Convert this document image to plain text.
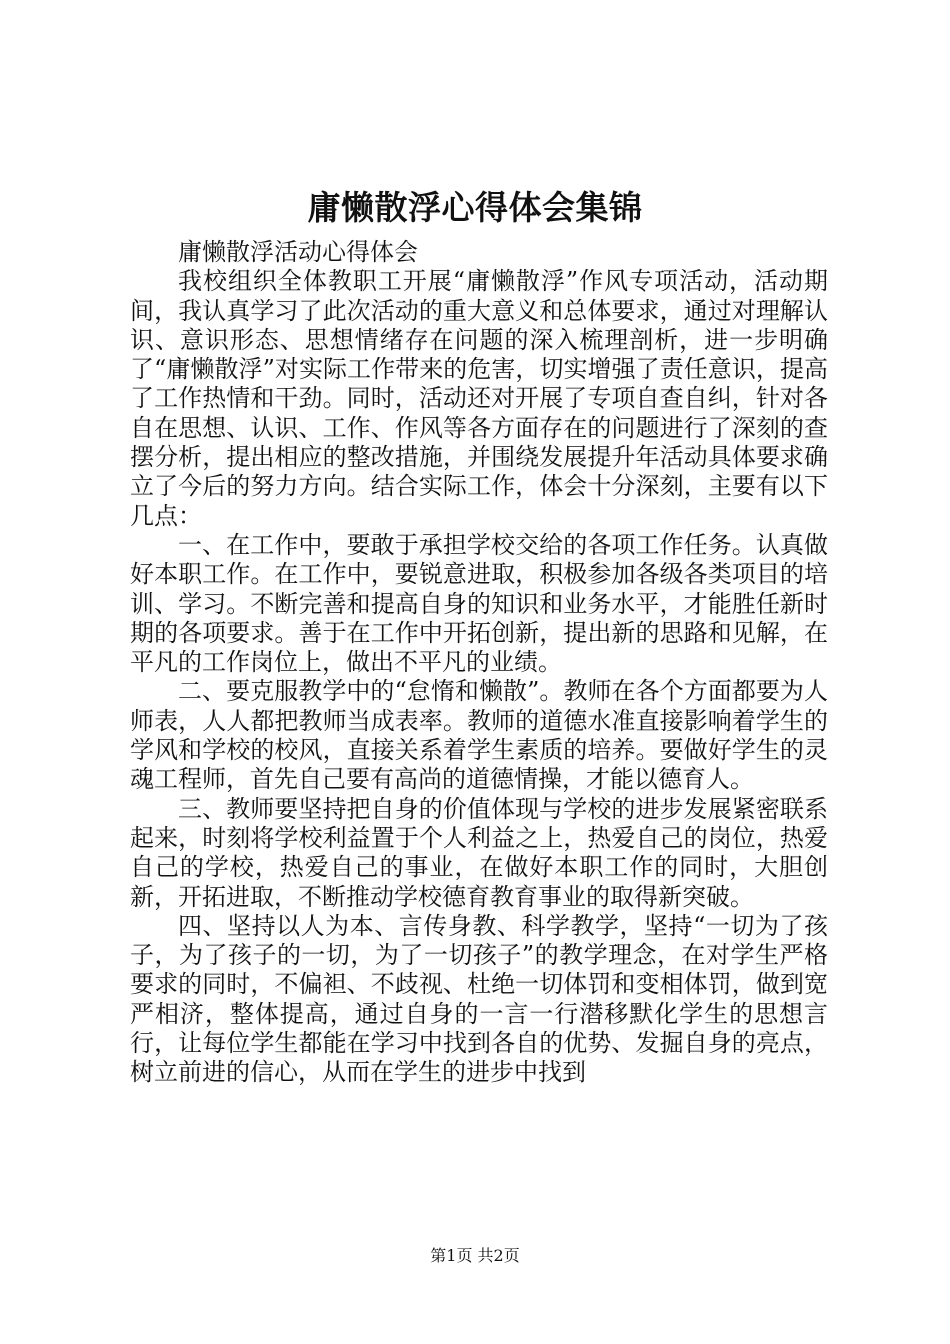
庸懒散浮心得体会集锦

庸懒散浮活动心得体会

我校组织全体教职工开展“庸懒散浮”作风专项活动，活动期间，我认真学习了此次活动的重大意义和总体要求，通过对理解认识、意识形态、思想情绪存在问题的深入梳理剖析，进一步明确了“庸懒散浮”对实际工作带来的危害，切实增强了责任意识，提高了工作热情和干劲。同时，活动还对开展了专项自查自纠，针对各自在思想、认识、工作、作风等各方面存在的问题进行了深刻的查摆分析，提出相应的整改措施，并围绕发展提升年活动具体要求确立了今后的努力方向。结合实际工作，体会十分深刻，主要有以下几点：

一、在工作中，要敢于承担学校交给的各项工作任务。认真做好本职工作。在工作中，要锐意进取，积极参加各级各类项目的培训、学习。不断完善和提高自身的知识和业务水平，才能胜任新时期的各项要求。善于在工作中开拓创新，提出新的思路和见解，在平凡的工作岗位上，做出不平凡的业绩。

二、要克服教学中的“怠惰和懒散”。教师在各个方面都要为人师表，人人都把教师当成表率。教师的道德水准直接影响着学生的学风和学校的校风，直接关系着学生素质的培养。要做好学生的灵魂工程师，首先自己要有高尚的道德情操，才能以德育人。

三、教师要坚持把自身的价值体现与学校的进步发展紧密联系起来，时刻将学校利益置于个人利益之上，热爱自己的岗位，热爱自己的学校，热爱自己的事业，在做好本职工作的同时，大胆创新，开拓进取，不断推动学校德育教育事业的取得新突破。

四、坚持以人为本、言传身教、科学教学，坚持“一切为了孩子，为了孩子的一切，为了一切孩子”的教学理念，在对学生严格要求的同时，不偏袒、不歧视、杜绝一切体罚和变相体罚，做到宽严相济，整体提高，通过自身的一言一行潜移默化学生的思想言行，让每位学生都能在学习中找到各自的优势、发掘自身的亮点，树立前进的信心，从而在学生的进步中找到

第1页 共2页
